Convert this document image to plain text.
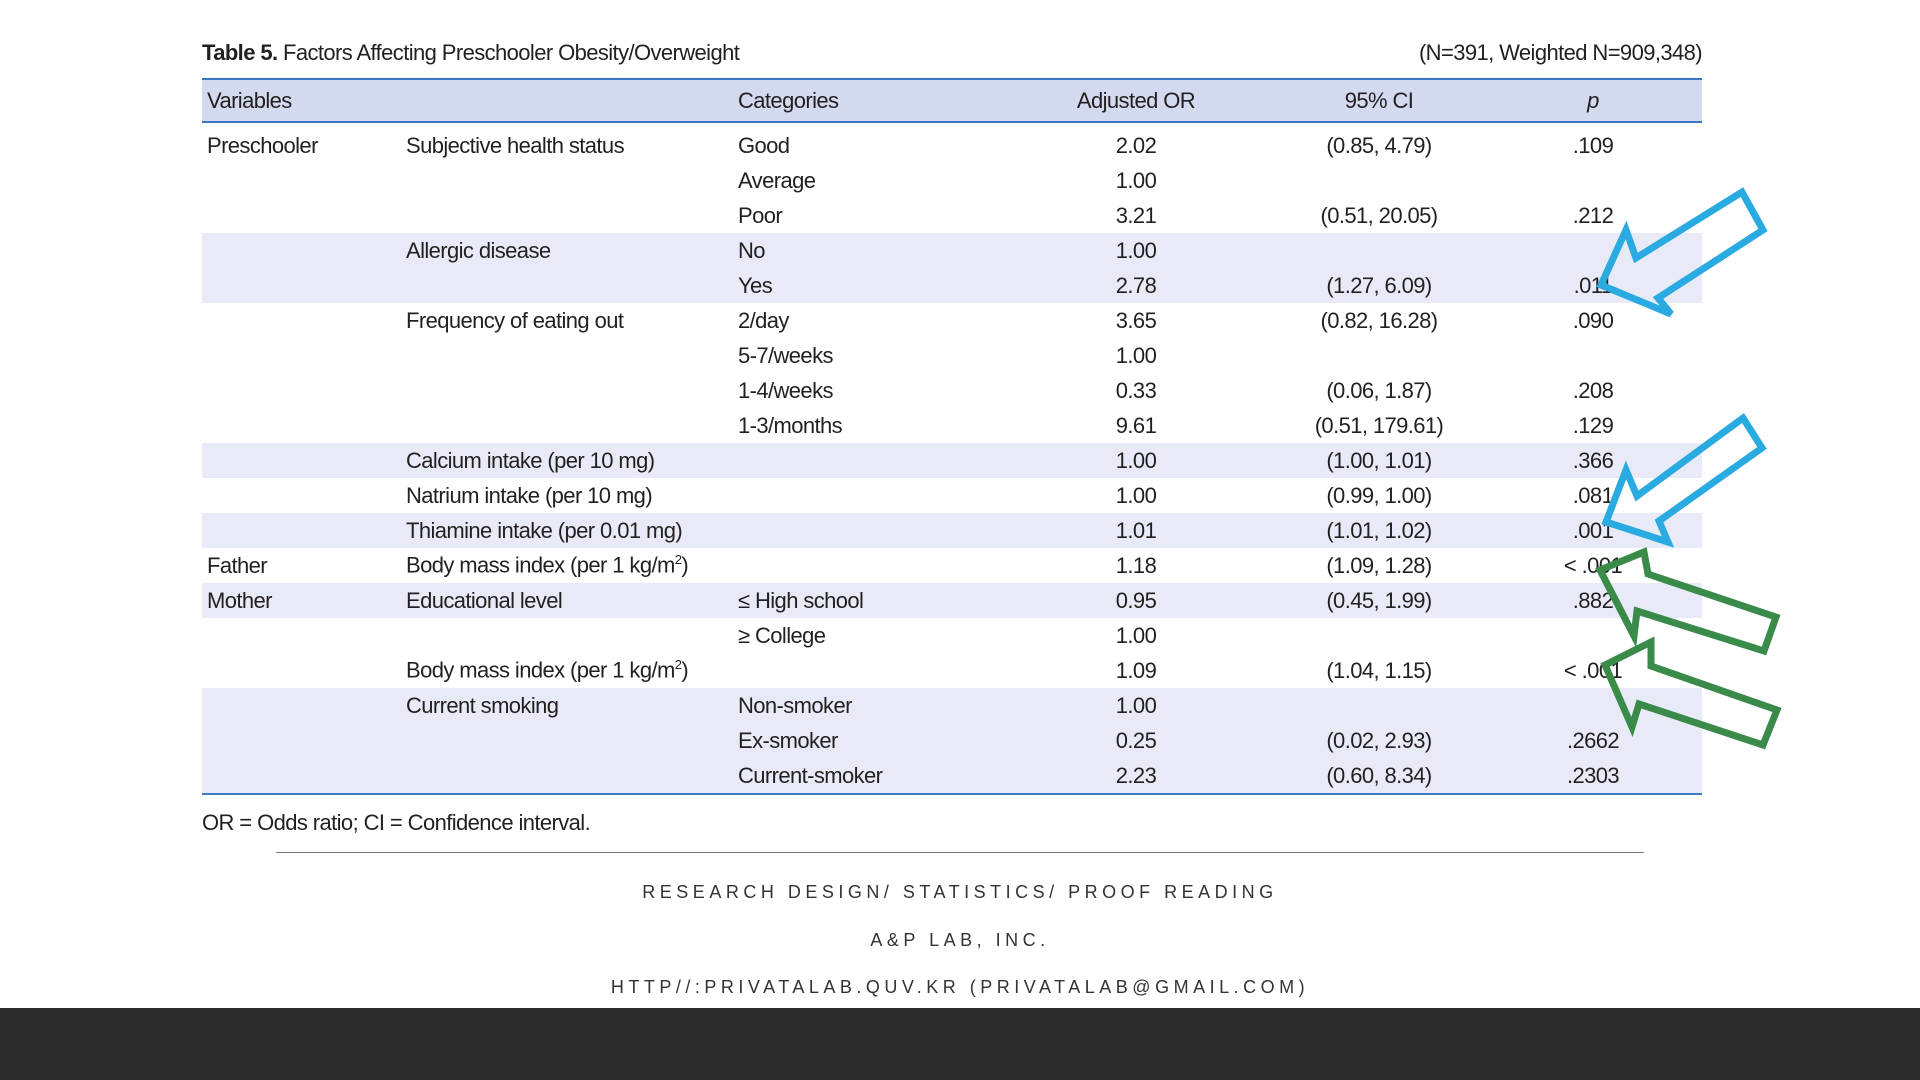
Table 5. Factors Affecting Preschooler Obesity/Overweight	(N=391, Weighted N=909,348)
Variables		Categories	Adjusted OR	95% CI	p
Preschooler	Subjective health status	Good	2.02	(0.85, 4.79)	.109
		Average	1.00		
		Poor	3.21	(0.51, 20.05)	.212
	Allergic disease	No	1.00		
		Yes	2.78	(1.27, 6.09)	.011
	Frequency of eating out	2/day	3.65	(0.82, 16.28)	.090
		5-7/weeks	1.00		
		1-4/weeks	0.33	(0.06, 1.87)	.208
		1-3/months	9.61	(0.51, 179.61)	.129
	Calcium intake (per 10 mg)		1.00	(1.00, 1.01)	.366
	Natrium intake (per 10 mg)		1.00	(0.99, 1.00)	.081
	Thiamine intake (per 0.01 mg)		1.01	(1.01, 1.02)	.001
Father	Body mass index (per 1 $kg/m^2$)		1.18	(1.09, 1.28)	< .001
Mother	Educational level	≤ High school	0.95	(0.45, 1.99)	.882
		≥ College	1.00		
	Body mass index (per 1 $kg/m^2$)		1.09	(1.04, 1.15)	< .001
	Current smoking	Non-smoker	1.00		
		Ex-smoker	0.25	(0.02, 2.93)	.2662
		Current-smoker	2.23	(0.60, 8.34)	.2303
OR = Odds ratio; CI = Confidence interval.
RESEARCH DESIGN/ STATISTICS/ PROOF READING
A&P LAB, INC.
HTTP//:PRIVATALAB.QUV.KR (PRIVATALAB@GMAIL.COM)
